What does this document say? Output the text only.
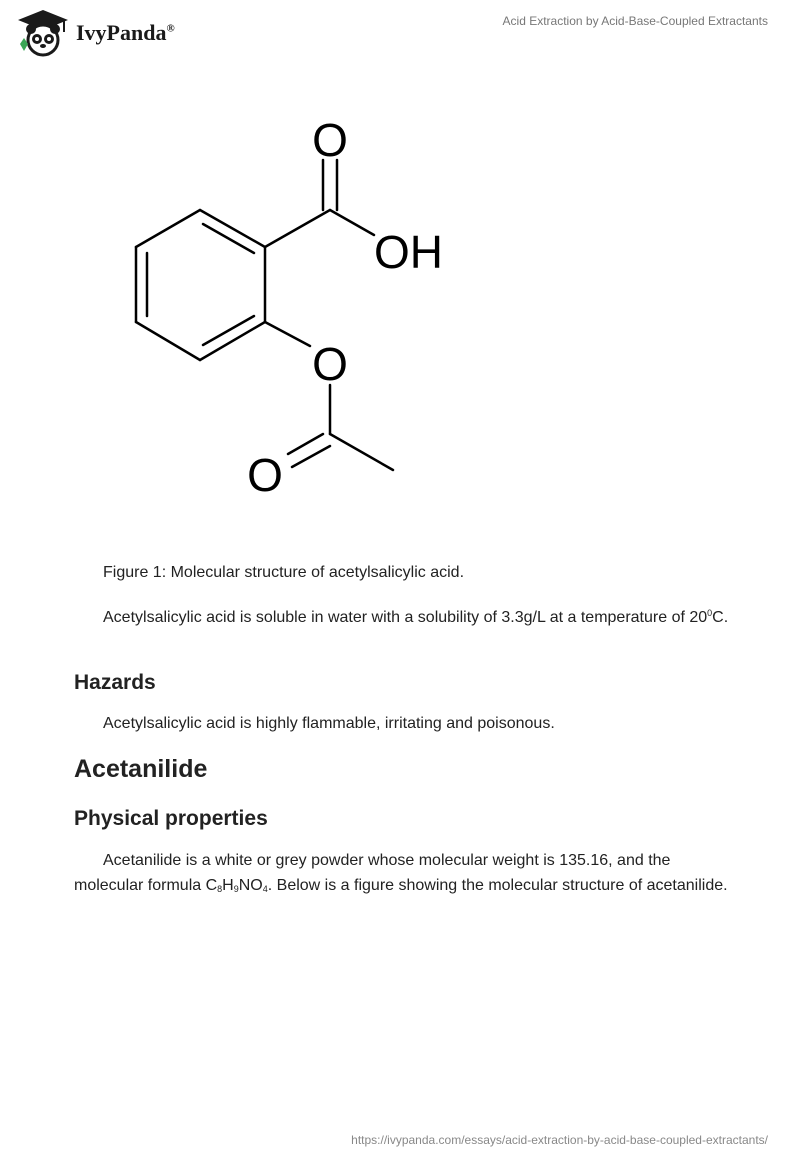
IvyPanda®
Acid Extraction by Acid-Base-Coupled Extractants
O
OH
O
O
Figure 1: Molecular structure of acetylsalicylic acid.
Acetylsalicylic acid is soluble in water with a solubility of 3.3g/L at a temperature of $20^0C$.
Hazards
Acetylsalicylic acid is highly flammable, irritating and poisonous.
Acetanilide
Physical properties
Acetanilide is a white or grey powder whose molecular weight is 135.16, and the molecular formula $C_8H_9NO_4$. Below is a figure showing the molecular structure of acetanilide.
https://ivypanda.com/essays/acid-extraction-by-acid-base-coupled-extractants/
